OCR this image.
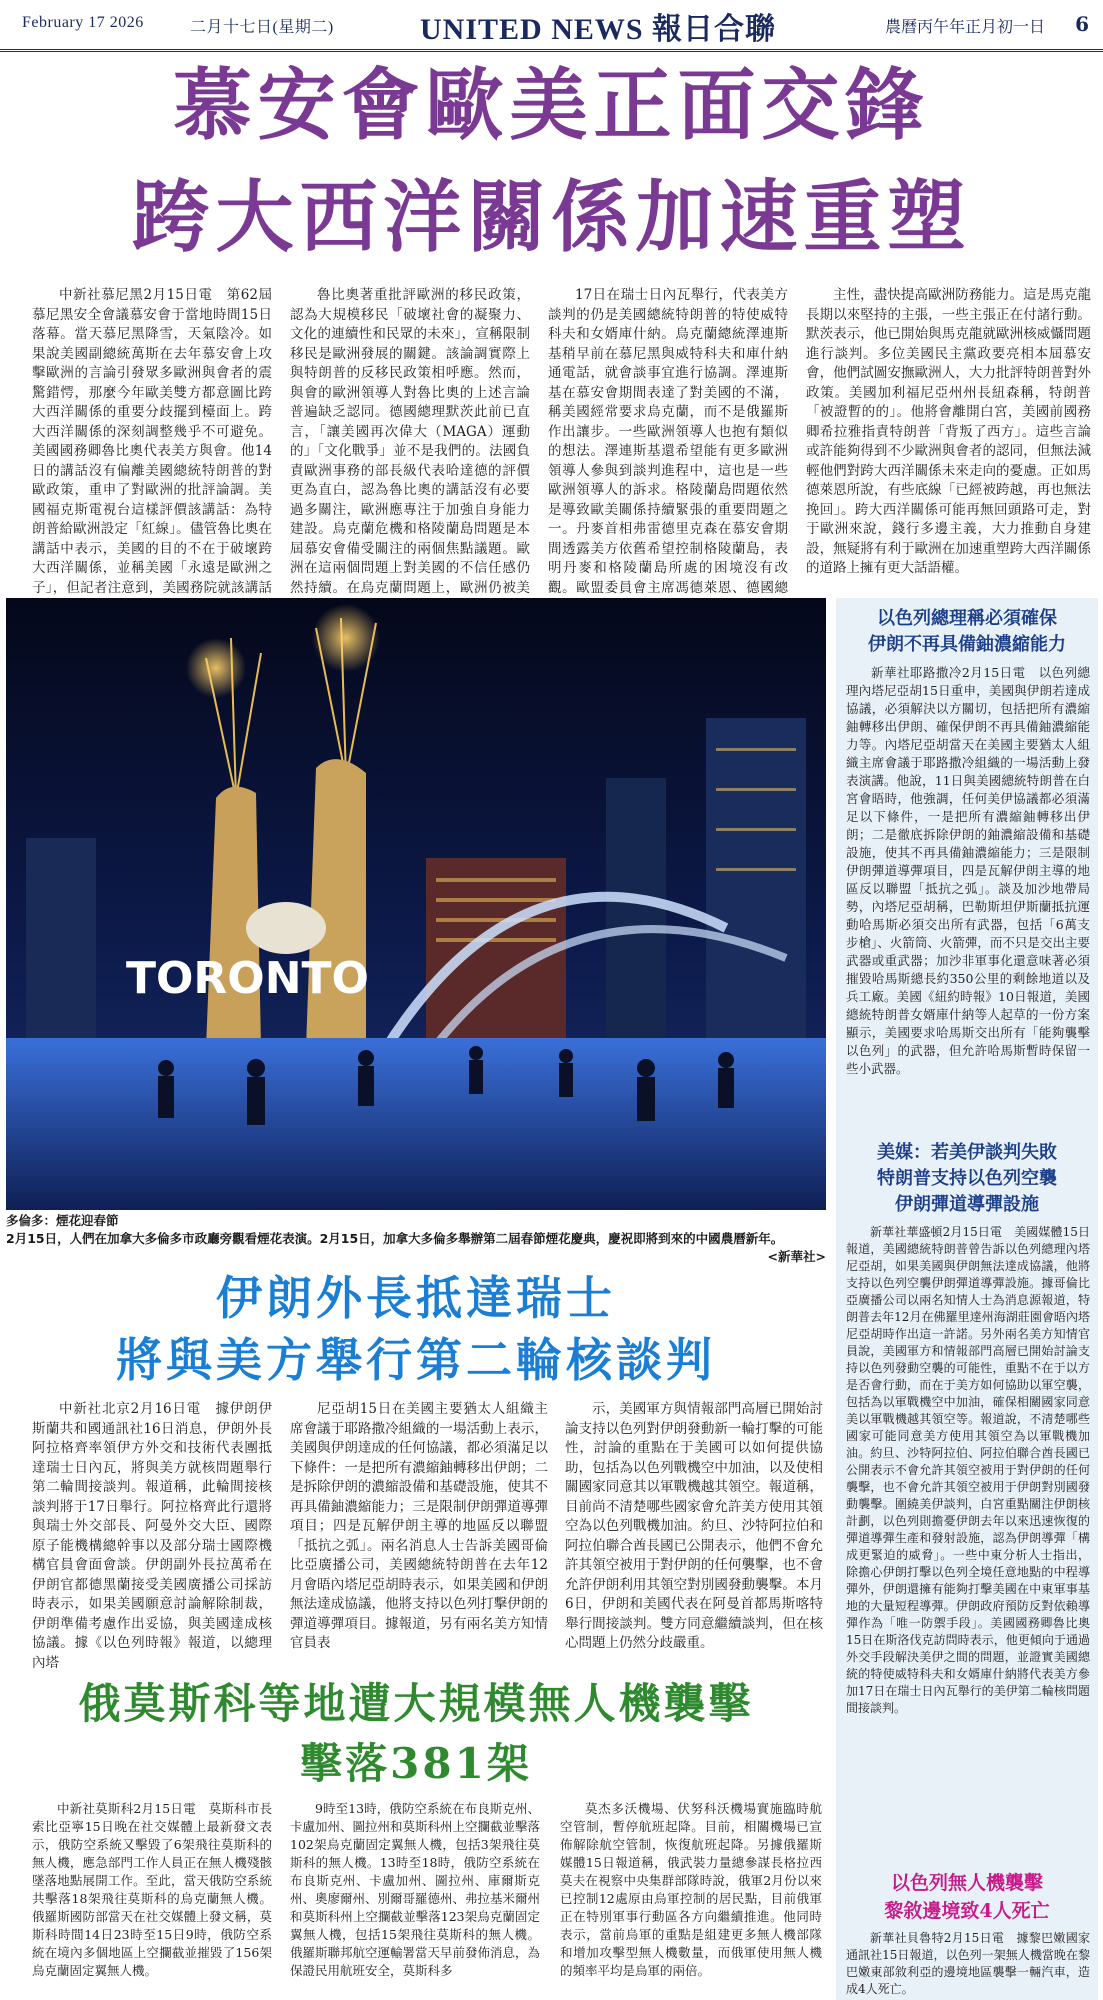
February 17 2026	二月十七日(星期二)	UNITED NEWS 報日合聯	農曆丙午年正月初一日 6
慕安會歐美正面交鋒
跨大西洋關係加速重塑

中新社慕尼黑2月15日電　第62屆慕尼黑安全會議慕安會于當地時間15日落幕。當天慕尼黑降雪，天氣陰冷。如果說美國副總統萬斯在去年慕安會上攻擊歐洲的言論引發眾多歐洲與會者的震驚錯愕，那麼今年歐美雙方都意圖比跨大西洋關係的重要分歧擺到檯面上。跨大西洋關係的深刻調整幾乎不可避免。美國國務卿魯比奧代表美方與會。他14日的講話沒有偏離美國總統特朗普的對歐政策，重申了對歐洲的批評論調。美國福克斯電視台這樣評價該講話：為特朗普給歐洲設定「紅線」。儘管魯比奧在講話中表示，美國的目的不在于破壞跨大西洋關係，並稱美國「永遠是歐洲之子」，但記者注意到，美國務院就該講話

魯比奧著重批評歐洲的移民政策，認為大規模移民「破壞社會的凝聚力、文化的連續性和民眾的未來」，宣稱限制移民是歐洲發展的關鍵。該論調實際上與特朗普的反移民政策相呼應。然而，與會的歐洲領導人對魯比奧的上述言論普遍缺乏認同。德國總理默茨此前已直言，「讓美國再次偉大（MAGA）運動的」「文化戰爭」並不是我們的。法國負責歐洲事務的部長級代表哈達德的評價更為直白，認為魯比奧的講話沒有必要過多關注，歐洲應專注于加強自身能力建設。烏克蘭危機和格陵蘭島問題是本屆慕安會備受關注的兩個焦點議題。歐洲在這兩個問題上對美國的不信任感仍然持續。在烏克蘭問題上，歐洲仍被美

17日在瑞士日內瓦舉行，代表美方談判的仍是美國總統特朗普的特使威特科夫和女婿庫什納。烏克蘭總統澤連斯基稍早前在慕尼黑與威特科夫和庫什納通電話，就會談事宜進行協調。澤連斯基在慕安會期間表達了對美國的不滿，稱美國經常要求烏克蘭，而不是俄羅斯作出讓步。一些歐洲領導人也抱有類似的想法。澤連斯基還希望能有更多歐洲領導人參與到談判進程中，這也是一些歐洲領導人的訴求。格陵蘭島問題依然是導致歐美關係持續緊張的重要問題之一。丹麥首相弗雷德里克森在慕安會期間透露美方依舊希望控制格陵蘭島，表明丹麥和格陵蘭島所處的困境沒有改觀。歐盟委員會主席馮德萊恩、德國總

主性，盡快提高歐洲防務能力。這是馬克龍長期以來堅持的主張，一些主張正在付諸行動。默茨表示，他已開始與馬克龍就歐洲核威懾問題進行談判。多位美國民主黨政要亮相本屆慕安會，他們試圖安撫歐洲人，大力批評特朗普對外政策。美國加利福尼亞州州長紐森稱，特朗普「被證暫的的」。他將會離開白宮，美國前國務卿希拉雅指責特朗普「背叛了西方」。這些言論或許能夠得到不少歐洲與會者的認同，但無法減輕他們對跨大西洋關係未來走向的憂慮。正如馬德萊恩所說，有些底線「已經被跨越，再也無法挽回」。跨大西洋關係可能再無回頭路可走，對于歐洲來說，錢行多邊主義，大力推動自身建設，無疑將有利于歐洲在加速重塑跨大西洋關係的道路上擁有更大話語權。

TORONTO
多倫多：煙花迎春節
2月15日，人們在加拿大多倫多市政廳旁觀看煙花表演。2月15日，加拿大多倫多舉辦第二屆春節煙花慶典，慶祝即將到來的中國農曆新年。
<新華社>
伊朗外長抵達瑞士
將與美方舉行第二輪核談判

中新社北京2月16日電　據伊朗伊斯蘭共和國通訊社16日消息，伊朗外長阿拉格齊率領伊方外交和技術代表團抵達瑞士日內瓦，將與美方就核問題舉行第二輪間接談判。報道稱，此輪間接核談判將于17日舉行。阿拉格齊此行還將與瑞士外交部長、阿曼外交大臣、國際原子能機構總幹事以及部分瑞士國際機構官員會面會談。伊朗副外長拉萬希在伊朗官都德黑蘭接受美國廣播公司採訪時表示，如果美國願意討論解除制裁，伊朗準備考慮作出妥協，與美國達成核協議。據《以色列時報》報道，以總理內塔

尼亞胡15日在美國主要猶太人組織主席會議于耶路撒冷組織的一場活動上表示，美國與伊朗達成的任何協議，都必須滿足以下條件：一是把所有濃縮鈾轉移出伊朗；二是拆除伊朗的濃縮設備和基礎設施，使其不再具備鈾濃縮能力；三是限制伊朗彈道導彈項目；四是瓦解伊朗主導的地區反以聯盟「抵抗之弧」。兩名消息人士告訴美國哥倫比亞廣播公司，美國總統特朗普在去年12月會晤內塔尼亞胡時表示，如果美國和伊朗無法達成協議，他將支持以色列打擊伊朗的彈道導彈項目。據報道，另有兩名美方知情官員表

示，美國軍方與情報部門高層已開始討論支持以色列對伊朗發動新一輪打擊的可能性，討論的重點在于美國可以如何提供協助，包括為以色列戰機空中加油，以及使相關國家同意其以軍戰機越其領空。報道稱，目前尚不清楚哪些國家會允許美方使用其領空為以色列戰機加油。約旦、沙特阿拉伯和阿拉伯聯合酋長國已公開表示，他們不會允許其領空被用于對伊朗的任何襲擊，也不會允許伊朗利用其領空對別國發動襲擊。本月6日，伊朗和美國代表在阿曼首都馬斯喀特舉行間接談判。雙方同意繼續談判，但在核心問題上仍然分歧嚴重。

俄莫斯科等地遭大規模無人機襲擊
擊落381架

中新社莫斯科2月15日電　莫斯科市長索比亞寧15日晚在社交媒體上最新發文表示，俄防空系統又擊毀了6架飛往莫斯科的無人機，應急部門工作人員正在無人機殘骸墜落地點展開工作。至此，當天俄防空系統共擊落18架飛往莫斯科的烏克蘭無人機。俄羅斯國防部當天在社交媒體上發文稱，莫斯科時間14日23時至15日9時，俄防空系統在境內多個地區上空攔截並摧毀了156架烏克蘭固定翼無人機。

9時至13時，俄防空系統在布良斯克州、卡盧加州、圖拉州和莫斯科州上空攔截並擊落102架烏克蘭固定翼無人機，包括3架飛往莫斯科的無人機。13時至18時，俄防空系統在布良斯克州、卡盧加州、圖拉州、庫爾斯克州、奧廖爾州、別爾哥羅德州、弗拉基米爾州和莫斯科州上空攔截並擊落123架烏克蘭固定翼無人機，包括15架飛往莫斯科的無人機。俄羅斯聯邦航空運輸署當天早前發佈消息，為保證民用航班安全，莫斯科多

莫杰多沃機場、伏努科沃機場實施臨時航空管制，暫停航班起降。目前，相關機場已宣佈解除航空管制，恢復航班起降。另據俄羅斯媒體15日報道稱，俄武裝力量總參謀長格拉西莫夫在視察中央集群部隊時說，俄軍2月份以來已控制12處原由烏軍控制的居民點，目前俄軍正在特別軍事行動區各方向繼續推進。他同時表示，當前烏軍的重點是組建更多無人機部隊和增加攻擊型無人機數量，而俄軍使用無人機的頻率平均是烏軍的兩倍。

以色列總理稱必須確保
伊朗不再具備鈾濃縮能力

新華社耶路撒冷2月15日電　以色列總理內塔尼亞胡15日重申，美國與伊朗若達成協議，必須解決以方關切，包括把所有濃縮鈾轉移出伊朗、確保伊朗不再具備鈾濃縮能力等。內塔尼亞胡當天在美國主要猶太人組織主席會議于耶路撒冷組織的一場活動上發表演講。他說，11日與美國總統特朗普在白宮會晤時，他強調，任何美伊協議都必須滿足以下條件，一是把所有濃縮鈾轉移出伊朗；二是徹底拆除伊朗的鈾濃縮設備和基礎設施，使其不再具備鈾濃縮能力；三是限制伊朗彈道導彈項目，四是瓦解伊朗主導的地區反以聯盟「抵抗之弧」。談及加沙地帶局勢，內塔尼亞胡稱，巴勒斯坦伊斯蘭抵抗運動哈馬斯必須交出所有武器，包括「6萬支步槍」、火箭筒、火箭彈，而不只是交出主要武器或重武器；加沙非軍事化還意味著必須摧毀哈馬斯總長約350公里的剩餘地道以及兵工廠。美國《紐約時報》10日報道，美國總統特朗普女婿庫什納等人起草的一份方案顯示，美國要求哈馬斯交出所有「能夠襲擊以色列」的武器，但允許哈馬斯暫時保留一些小武器。

美媒：若美伊談判失敗
特朗普支持以色列空襲
伊朗彈道導彈設施

新華社華盛頓2月15日電　美國媒體15日報道，美國總統特朗普曾告訴以色列總理內塔尼亞胡，如果美國與伊朗無法達成協議，他將支持以色列空襲伊朗彈道導彈設施。據哥倫比亞廣播公司以兩名知情人士為消息源報道，特朗普去年12月在佛羅里達州海湖莊園會晤內塔尼亞胡時作出這一許諾。另外兩名美方知情官員說，美國軍方和情報部門高層已開始討論支持以色列發動空襲的可能性，重點不在于以方是否會行動，而在于美方如何協助以軍空襲，包括為以軍戰機空中加油，確保相關國家同意美以軍戰機越其領空等。報道說，不清楚哪些國家可能同意美方使用其領空為以軍戰機加油。約旦、沙特阿拉伯、阿拉伯聯合酋長國已公開表示不會允許其領空被用于對伊朗的任何襲擊，也不會允許其領空被用于伊朗對別國發動襲擊。圍繞美伊談判，白宮重點關注伊朗核計劃，以色列則擔憂伊朗去年以來迅速恢復的彈道導彈生產和發射設施，認為伊朗導彈「構成更緊迫的威脅」。一些中東分析人士指出，除擔心伊朗打擊以色列全境任意地點的中程導彈外，伊朗還擁有能夠打擊美國在中東軍事基地的大量短程導彈。伊朗政府預防反對依賴導彈作為「唯一防禦手段」。美國國務卿魯比奧15日在斯洛伐克訪問時表示，他更傾向于通過外交手段解決美伊之間的問題，並證實美國總統的特使威特科夫和女婿庫什納將代表美方參加17日在瑞士日內瓦舉行的美伊第二輪核問題間接談判。

以色列無人機襲擊
黎敘邊境致4人死亡

新華社貝魯特2月15日電　據黎巴嫩國家通訊社15日報道，以色列一架無人機當晚在黎巴嫩東部敘利亞的邊境地區襲擊一輛汽車，造成4人死亡。
